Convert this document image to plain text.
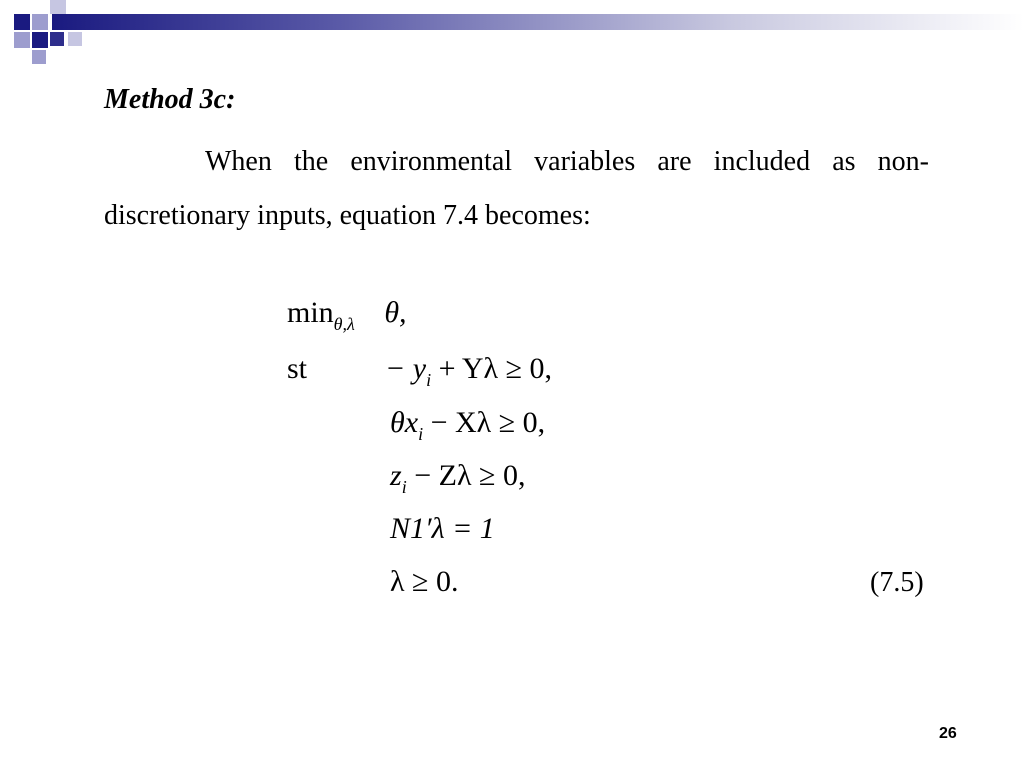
Method 3c:
When the environmental variables are included as non-discretionary inputs, equation 7.4 becomes:
$\min_{\theta,\lambda} \theta$,
st	− $y_i + Y\lambda \ge 0$,
$\theta x_i - X\lambda \ge 0$,
$z_i - Z\lambda \ge 0$,
N1′λ = 1
λ ≥ 0.	(7.5)
26
